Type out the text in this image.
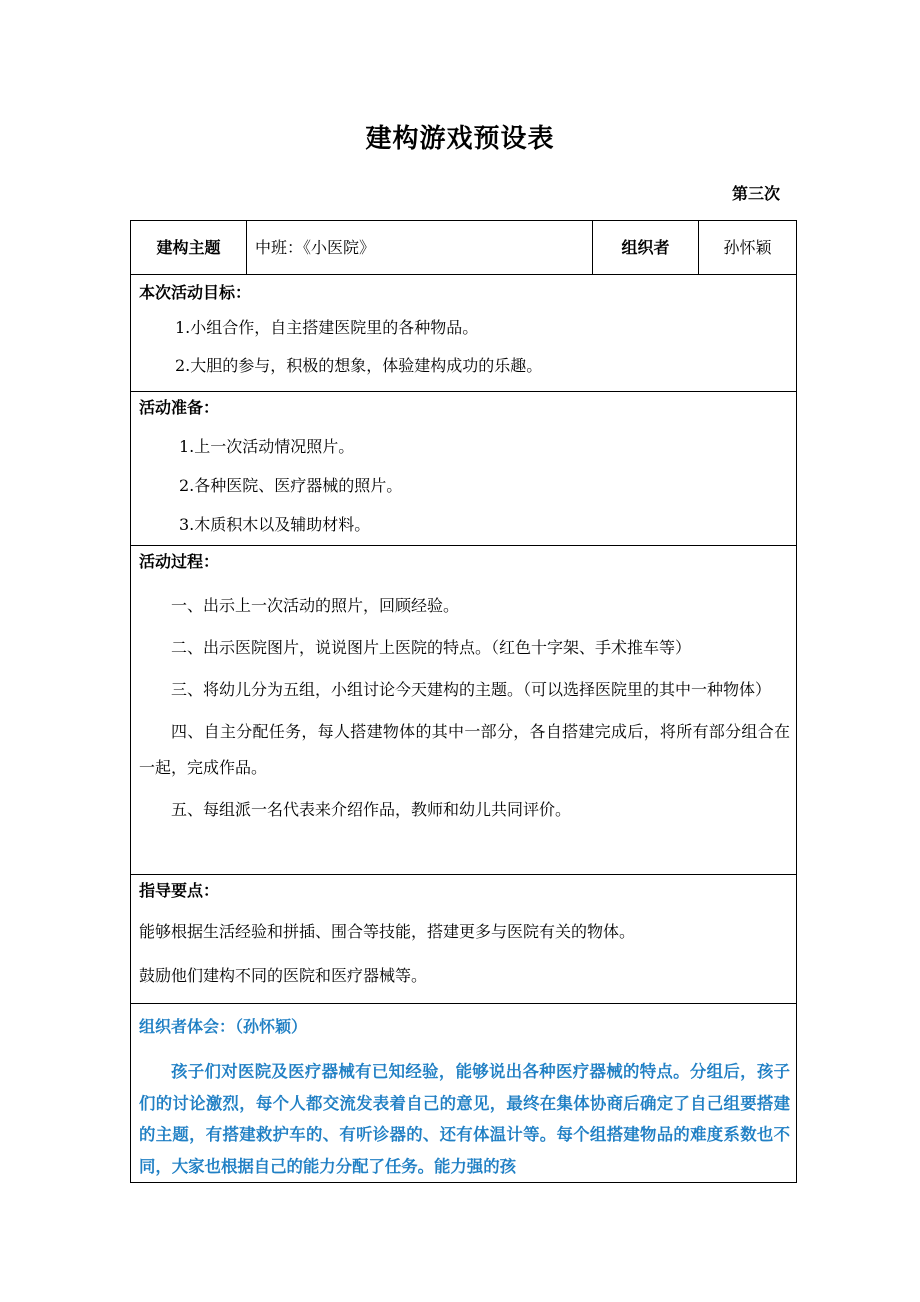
建构游戏预设表
第三次
建构主题	中班：《小医院》	组织者	孙怀颖

本次活动目标：
1.小组合作，自主搭建医院里的各种物品。
2.大胆的参与，积极的想象，体验建构成功的乐趣。

活动准备：
1.上一次活动情况照片。
2.各种医院、医疗器械的照片。
3.木质积木以及辅助材料。

活动过程：
一、出示上一次活动的照片，回顾经验。
二、出示医院图片，说说图片上医院的特点。（红色十字架、手术推车等）
三、将幼儿分为五组，小组讨论今天建构的主题。（可以选择医院里的其中一种物体）
四、自主分配任务，每人搭建物体的其中一部分，各自搭建完成后，将所有部分组合在一起，完成作品。
五、每组派一名代表来介绍作品，教师和幼儿共同评价。

指导要点：
能够根据生活经验和拼插、围合等技能，搭建更多与医院有关的物体。
鼓励他们建构不同的医院和医疗器械等。

组织者体会：（孙怀颖）
孩子们对医院及医疗器械有已知经验，能够说出各种医疗器械的特点。分组后，孩子们的讨论激烈，每个人都交流发表着自己的意见，最终在集体协商后确定了自己组要搭建的主题，有搭建救护车的、有听诊器的、还有体温计等。每个组搭建物品的难度系数也不同，大家也根据自己的能力分配了任务。能力强的孩
